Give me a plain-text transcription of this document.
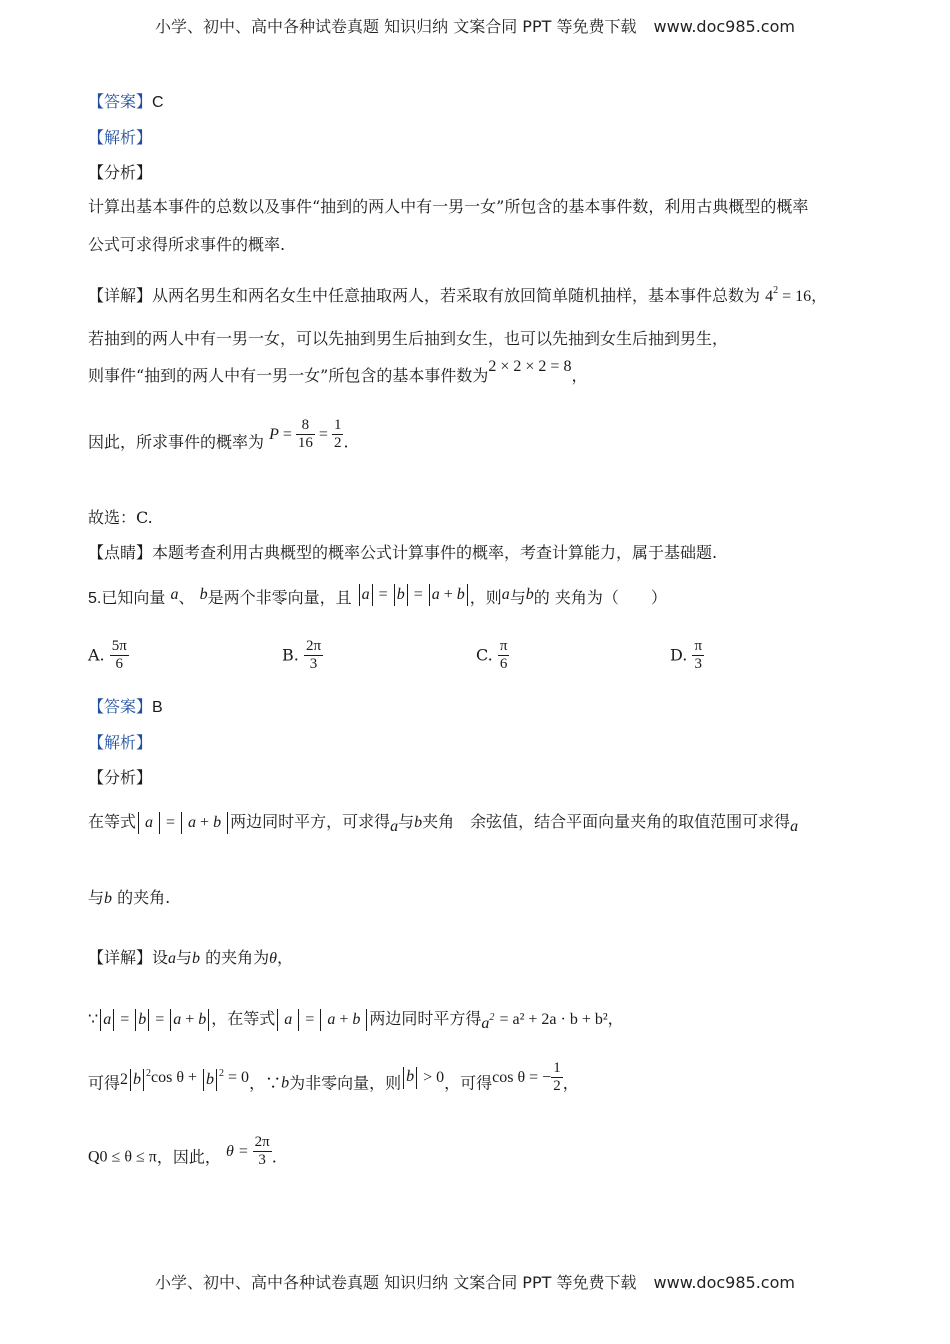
小学、初中、高中各种试卷真题 知识归纳 文案合同 PPT 等免费下载 www.doc985.com
【答案】C
【解析】
【分析】
计算出基本事件的总数以及事件“抽到的两人中有一男一女”所包含的基本事件数，利用古典概型的概率
公式可求得所求事件的概率.
【详解】从两名男生和两名女生中任意抽取两人，若采取有放回简单随机抽样，基本事件总数为 $4^2 = 16$，
若抽到的两人中有一男一女，可以先抽到男生后抽到女生，也可以先抽到女生后抽到男生，
则事件“抽到的两人中有一男一女”所包含的基本事件数为2 × 2 × 2 = 8，
因此，所求事件的概率为 $P = \frac{8}{16} = \frac{1}{2}$ .
故选：C.
【点睛】本题考查利用古典概型的概率公式计算事件的概率，考查计算能力，属于基础题.
5.已知向量 a、 b是两个非零向量，且 a = b = a + b ，则a与b的 夹角为（　　）
A. $\frac{5\pi}{6}$	B. $\frac{2\pi}{3}$	C. $\frac{\pi}{6}$	D. $\frac{\pi}{3}$
【答案】B
【解析】
【分析】
在等式 a  =  a + b 两边同时平方，可求得a与b夹角　余弦值，结合平面向量夹角的取值范围可求得a
与b 的夹角.
【详解】设a与b 的夹角为θ，
∵ a = b = a + b ，在等式 a  =  a + b 两边同时平方得$a^2 = a^2 + 2a \cdot b + b^2$，
可得2 b $^2$cos θ + b $^2$ = 0，∵b为非零向量，则 b > 0，可得cos θ = − $\frac{1}{2}$ ，
Q0 ≤ θ ≤ π，因此， $\theta = \frac{2\pi}{3}$ .
小学、初中、高中各种试卷真题 知识归纳 文案合同 PPT 等免费下载 www.doc985.com
